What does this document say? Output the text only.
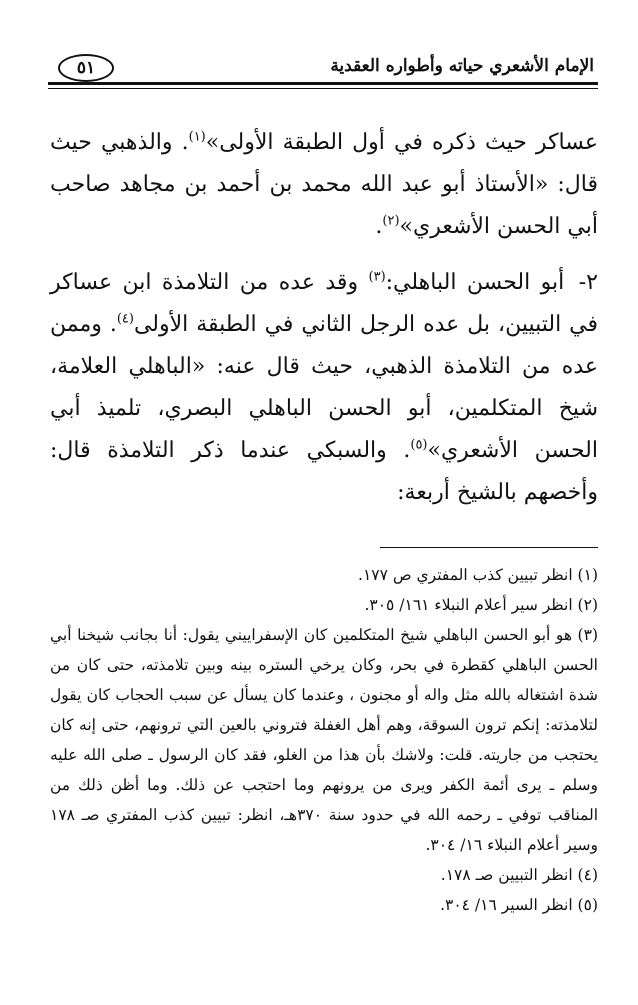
الإمام الأشعري حياته وأطواره العقدية
٥١

عساكر حيث ذكره في أول الطبقة الأولى»$^{(١)}$. والذهبي حيث قال: «الأستاذ أبو عبد الله محمد بن أحمد بن مجاهد صاحب أبي الحسن الأشعري»$^{(٢)}$.

٢- أبو الحسن الباهلي:$^{(٣)}$ وقد عده من التلامذة ابن عساكر في التبيين، بل عده الرجل الثاني في الطبقة الأولى$^{(٤)}$. وممن عده من التلامذة الذهبي، حيث قال عنه: «الباهلي العلامة، شيخ المتكلمين، أبو الحسن الباهلي البصري، تلميذ أبي الحسن الأشعري»$^{(٥)}$. والسبكي عندما ذكر التلامذة قال: وأخصهم بالشيخ أربعة:

(١) انظر تبيين كذب المفتري ص ١٧٧.

(٢) انظر سير أعلام النبلاء ١٦١/ ٣٠٥.

(٣) هو أبو الحسن الباهلي شيخ المتكلمين كان الإسفراييني يقول: أنا بجانب شيخنا أبي الحسن الباهلي كقطرة في بحر، وكان يرخي الستره بينه وبين تلامذته، حتى كان من شدة اشتغاله بالله مثل واله أو مجنون ، وعندما كان يسأل عن سبب الحجاب كان يقول لتلامذته: إنكم ترون السوقة، وهم أهل الغفلة فتروني بالعين التي ترونهم، حتى إنه كان يحتجب من جاريته. قلت: ولاشك بأن هذا من الغلو، فقد كان الرسول ـ صلى الله عليه وسلم ـ يرى أئمة الكفر ويرى من يرونهم وما احتجب عن ذلك. وما أظن ذلك من المناقب توفي ـ رحمه الله في حدود سنة ٣٧٠هـ، انظر: تبيين كذب المفتري صـ ١٧٨ وسير أعلام النبلاء ١٦/ ٣٠٤.

(٤) انظر التبيين صـ ١٧٨.

(٥) انظر السير ١٦/ ٣٠٤.
